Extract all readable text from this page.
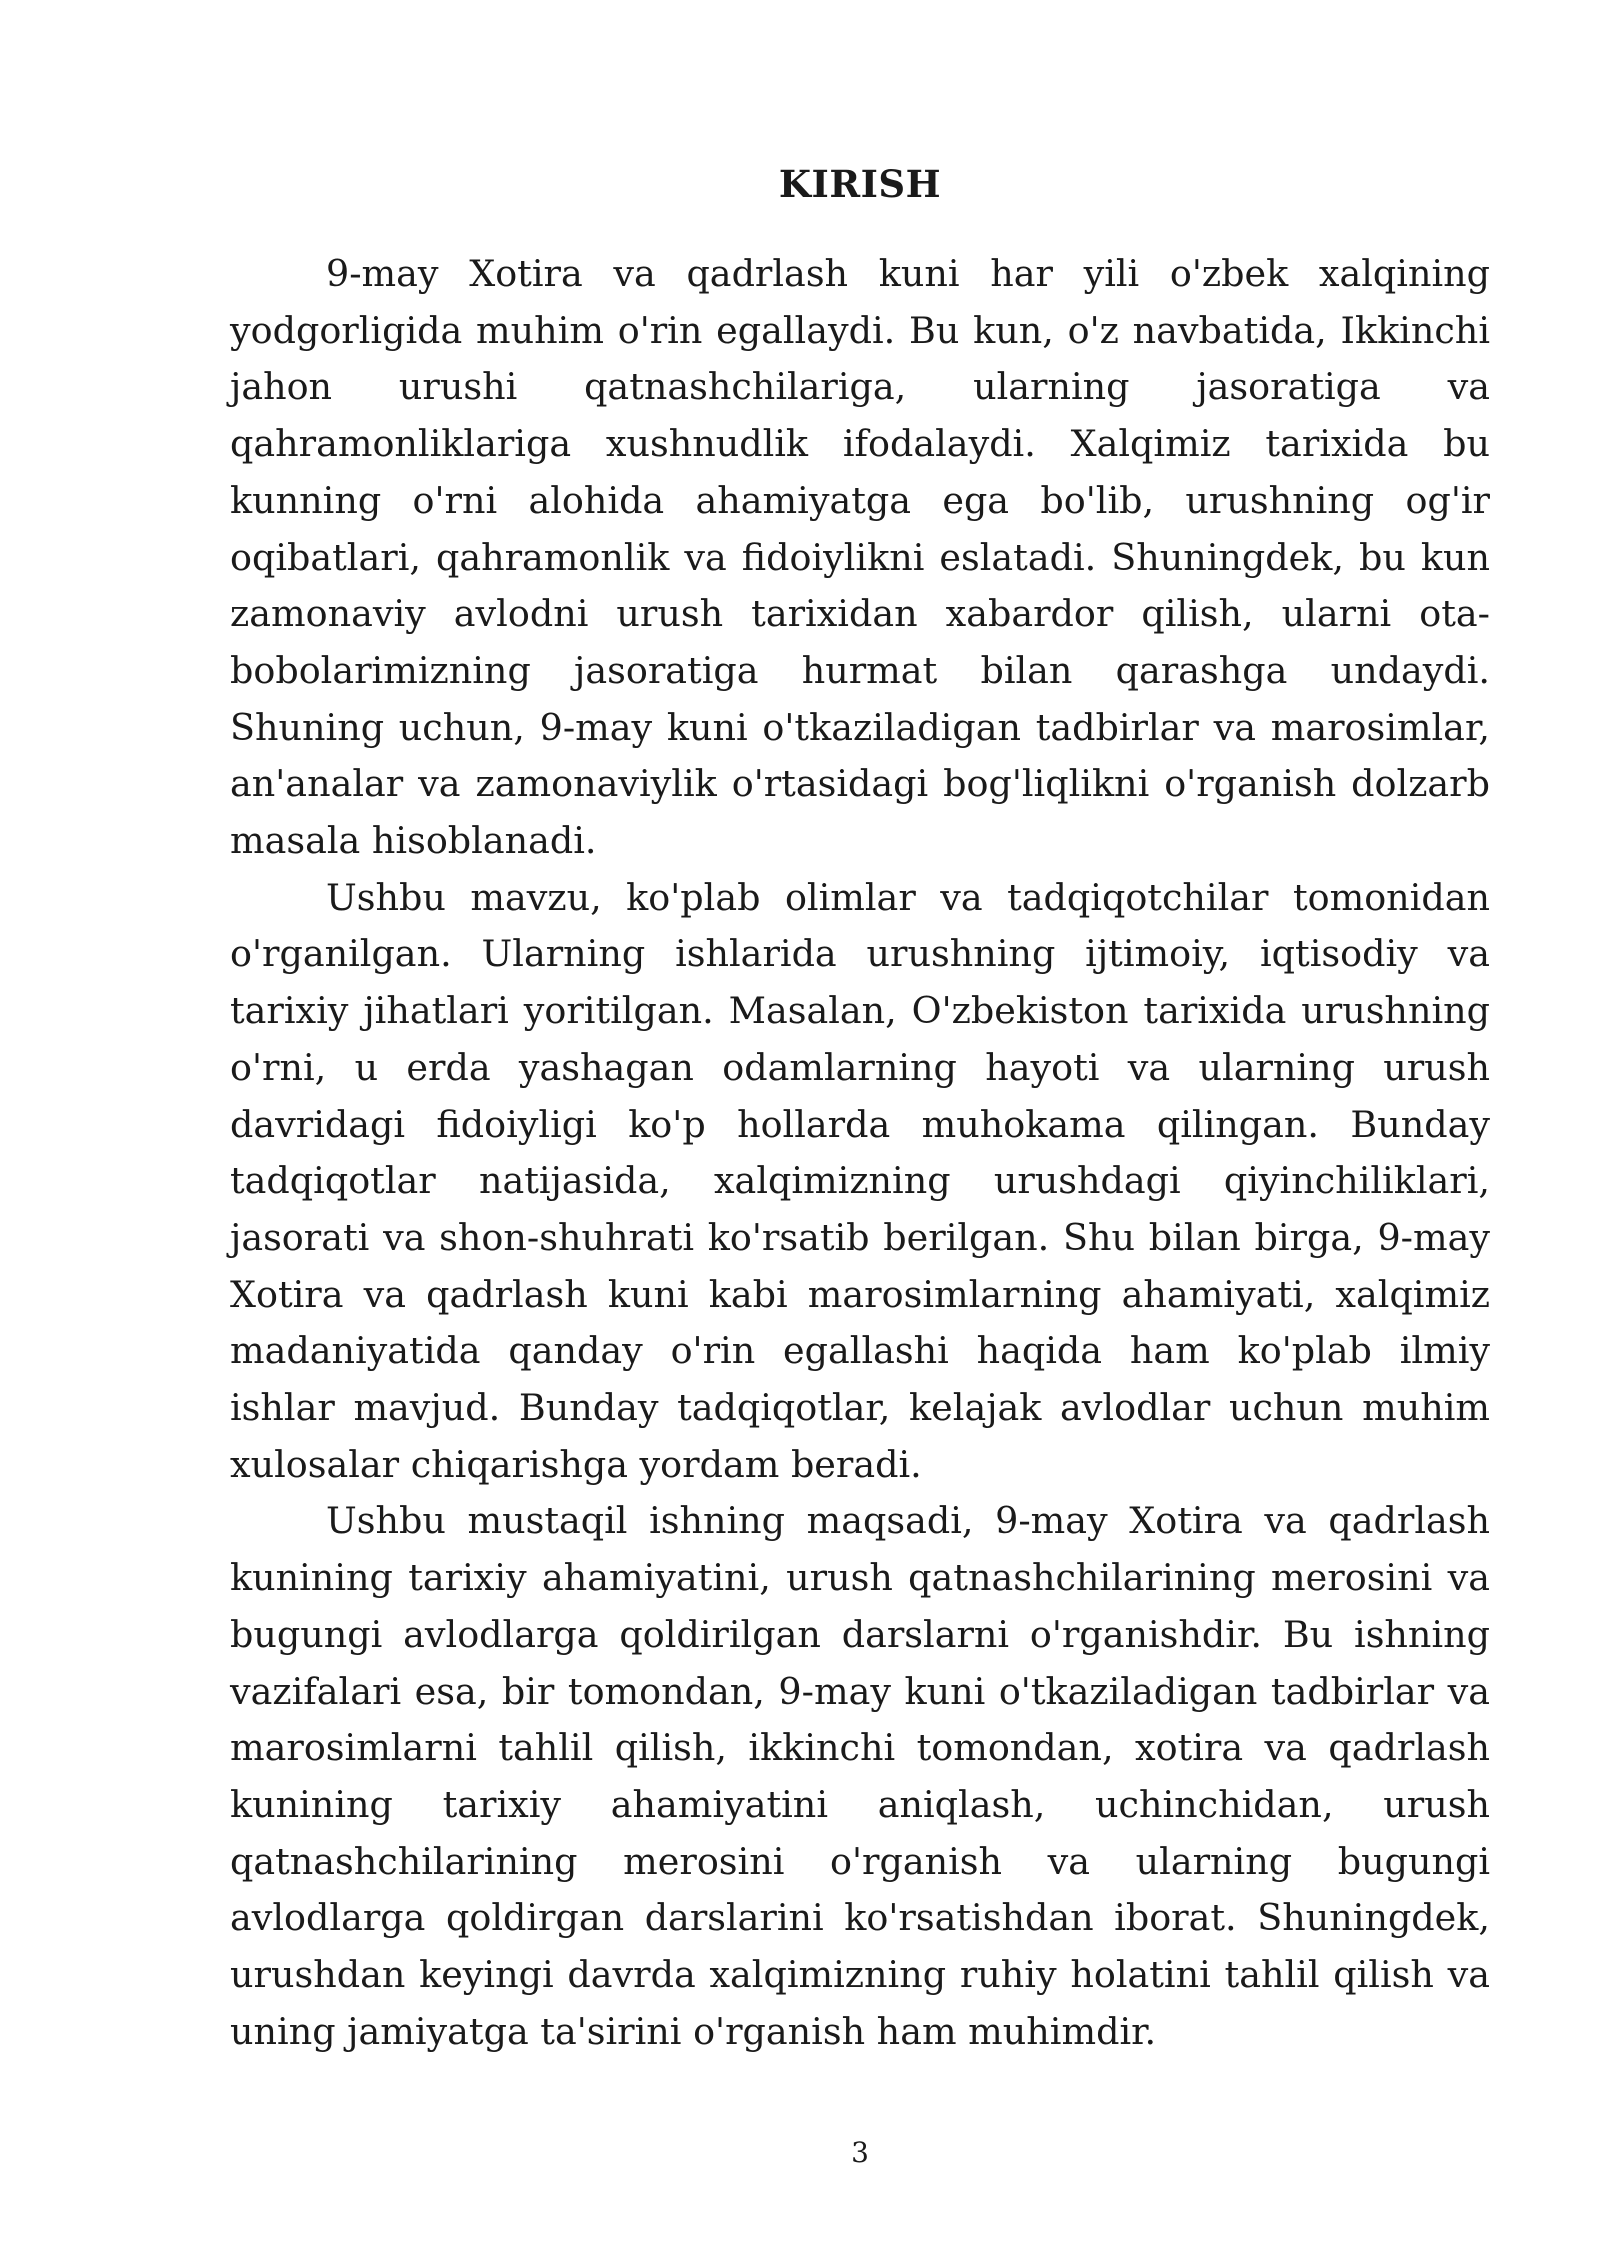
KIRISH

9-may Xotira va qadrlash kuni har yili o'zbek xalqining yodgorligida muhim o'rin egallaydi. Bu kun, o'z navbatida, Ikkinchi jahon urushi qatnashchilariga, ularning jasoratiga va qahramonliklariga xushnudlik ifodalaydi. Xalqimiz tarixida bu kunning o'rni alohida ahamiyatga ega bo'lib, urushning og'ir oqibatlari, qahramonlik va fidoiylikni eslatadi. Shuningdek, bu kun zamonaviy avlodni urush tarixidan xabardor qilish, ularni ota-bobolarimizning jasoratiga hurmat bilan qarashga undaydi. Shuning uchun, 9-may kuni o'tkaziladigan tadbirlar va marosimlar, an'analar va zamonaviylik o'rtasidagi bog'liqlikni o'rganish dolzarb masala hisoblanadi.

Ushbu mavzu, ko'plab olimlar va tadqiqotchilar tomonidan o'rganilgan. Ularning ishlarida urushning ijtimoiy, iqtisodiy va tarixiy jihatlari yoritilgan. Masalan, O'zbekiston tarixida urushning o'rni, u erda yashagan odamlarning hayoti va ularning urush davridagi fidoiyligi ko'p hollarda muhokama qilingan. Bunday tadqiqotlar natijasida, xalqimizning urushdagi qiyinchiliklari, jasorati va shon-shuhrati ko'rsatib berilgan. Shu bilan birga, 9-may Xotira va qadrlash kuni kabi marosimlarning ahamiyati, xalqimiz madaniyatida qanday o'rin egallashi haqida ham ko'plab ilmiy ishlar mavjud. Bunday tadqiqotlar, kelajak avlodlar uchun muhim xulosalar chiqarishga yordam beradi.

Ushbu mustaqil ishning maqsadi, 9-may Xotira va qadrlash kunining tarixiy ahamiyatini, urush qatnashchilarining merosini va bugungi avlodlarga qoldirilgan darslarni o'rganishdir. Bu ishning vazifalari esa, bir tomondan, 9-may kuni o'tkaziladigan tadbirlar va marosimlarni tahlil qilish, ikkinchi tomondan, xotira va qadrlash kunining tarixiy ahamiyatini aniqlash, uchinchidan, urush qatnashchilarining merosini o'rganish va ularning bugungi avlodlarga qoldirgan darslarini ko'rsatishdan iborat. Shuningdek, urushdan keyingi davrda xalqimizning ruhiy holatini tahlil qilish va uning jamiyatga ta'sirini o'rganish ham muhimdir.

3
